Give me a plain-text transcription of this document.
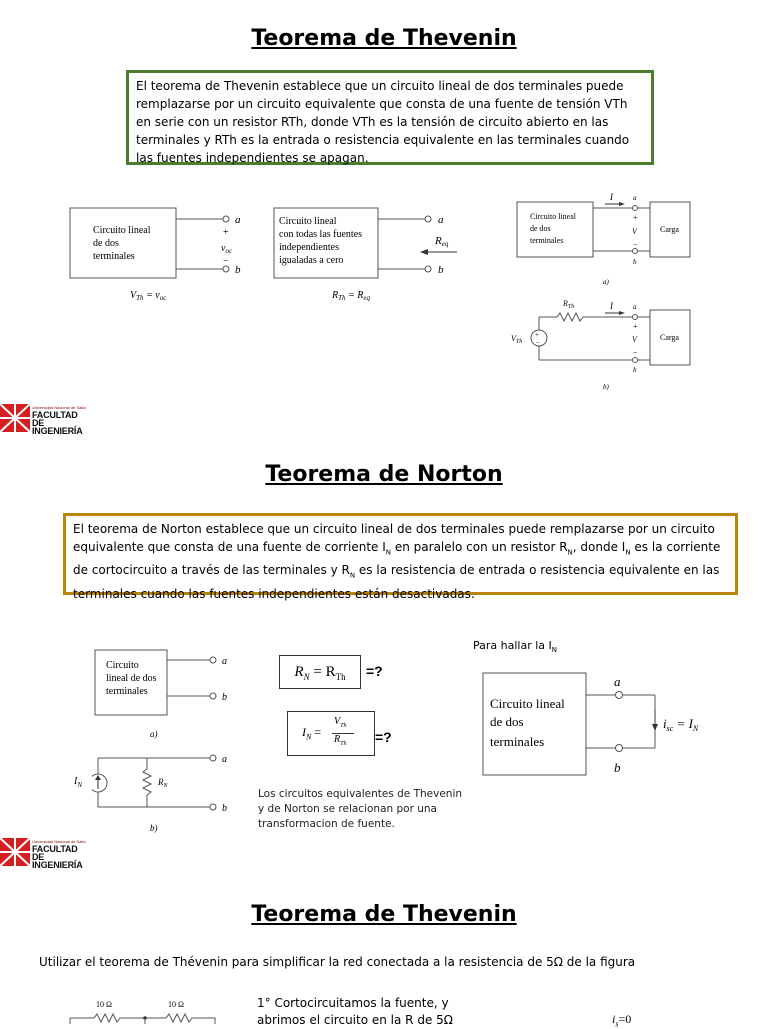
Teorema de Thevenin
El teorema de Thevenin establece que un circuito lineal de dos terminales puede remplazarse por un circuito equivalente que consta de una fuente de tensión VTh en serie con un resistor RTh, donde VTh es la tensión de circuito abierto en las terminales y RTh es la entrada o resistencia equivalente en las terminales cuando las fuentes independientes se apagan.
Circuito lineal
de dos
terminales
a
b
+
$v_{oc}$
−
$V_{Th} = v_{oc}$
Circuito lineal
con todas las fuentes
independientes
igualadas a cero
a
b
Req
$R_{Th} = R_{eq}$
Circuito lineal
de dos
terminales
Carga
I	a
+
V
−
b
a)
$R_{Th}$
+
−
$V_{Th}$	Carga
I	a
+
V
−
b
b)
Universidad Nacional de Salta
FACULTAD DE
INGENIERÍA
Teorema de Norton
El teorema de Norton establece que un circuito lineal de dos terminales puede remplazarse por un circuito equivalente que consta de una fuente de corriente $I_N$ en paralelo con un resistor $R_N$, donde $I_N$ es la corriente de cortocircuito a través de las terminales y $R_N$ es la resistencia de entrada o resistencia equivalente en las terminales cuando las fuentes independientes están desactivadas.
Circuito
lineal de dos
terminales
a
b
a)
$R_N$
a
b
b)
$I_N$
$R_N = R_{Th}$	=?
$I_N$ =
$V_{Th}$
$R_{Th}$ =?
Los circuitos equivalentes de Thevenin y de Norton se relacionan por una transformacion de fuente.
Para hallar la $I_N$
Circuito lineal
de dos
terminales
a
b
$i_{sc} = I_N$
Universidad Nacional de Salta
FACULTAD DE
INGENIERÍA
Teorema de Thevenin
Utilizar el teorema de Thévenin para simplificar la red conectada a la resistencia de 5Ω de la figura
10 Ω	10 Ω	1° Cortocircuitamos la fuente, y
abrimos el circuito en la R de 5Ω	$i_s=0$
